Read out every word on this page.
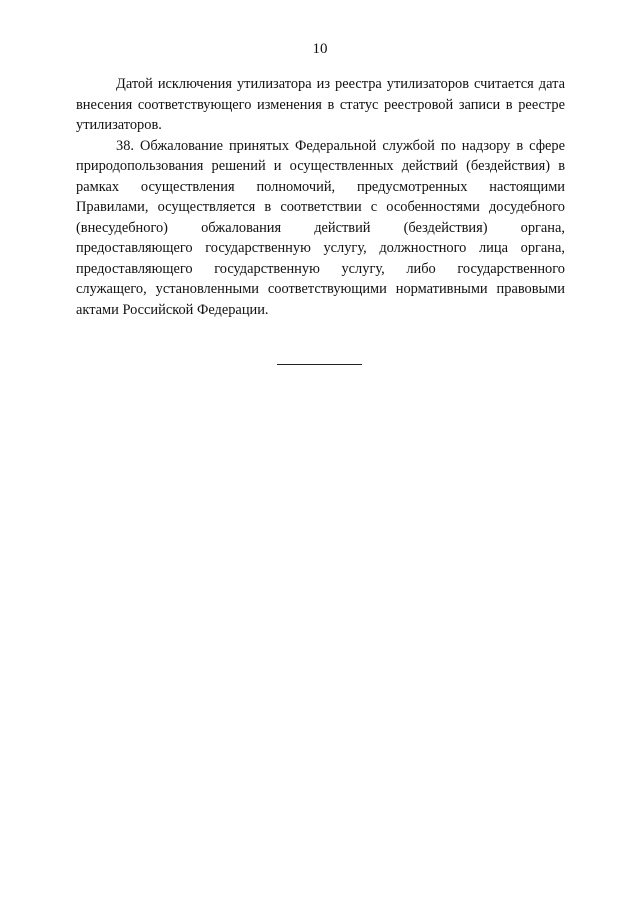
10

Датой исключения утилизатора из реестра утилизаторов считается дата внесения соответствующего изменения в статус реестровой записи в реестре утилизаторов.

38. Обжалование принятых Федеральной службой по надзору в сфере природопользования решений и осуществленных действий (бездействия) в рамках осуществления полномочий, предусмотренных настоящими Правилами, осуществляется в соответствии с особенностями досудебного (внесудебного) обжалования действий (бездействия) органа, предоставляющего государственную услугу, должностного лица органа, предоставляющего государственную услугу, либо государственного служащего, установленными соответствующими нормативными правовыми актами Российской Федерации.
